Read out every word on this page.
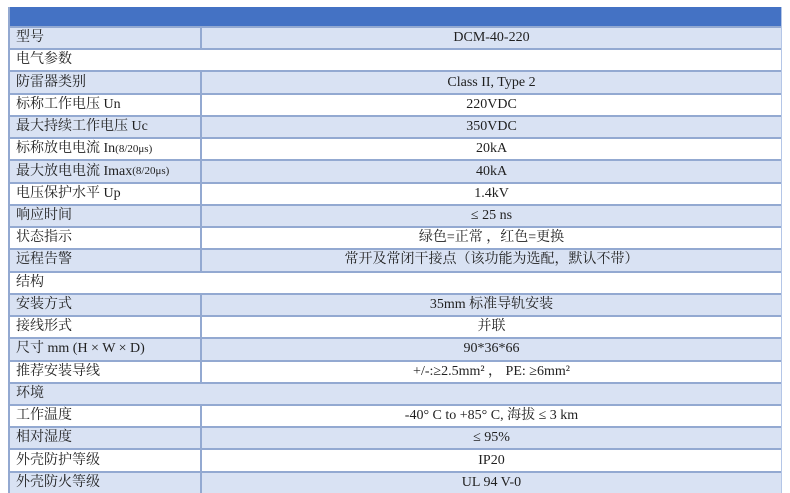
型号	DCM-40-220
电气参数
防雷器类别	Class II, Type 2
标称工作电压 Un	220VDC
最大持续工作电压 Uc	350VDC
标称放电电流 In (8/20μs)	20kA
最大放电电流 Imax (8/20μs)	40kA
电压保护水平 Up	1.4kV
响应时间	≤ 25 ns
状态指示	绿色=正常 ，红色=更换
远程告警	常开及常闭干接点（该功能为选配，默认不带）
结构
安装方式	35mm 标准导轨安装
接线形式	并联
尺寸 mm (H × W × D)	90*36*66
推荐安装导线	+/-:≥2.5mm² ， PE: ≥6mm²
环境
工作温度	-40° C to +85° C, 海拔 ≤ 3 km
相对湿度	≤ 95%
外壳防护等级	IP20
外壳防火等级	UL 94 V-0
